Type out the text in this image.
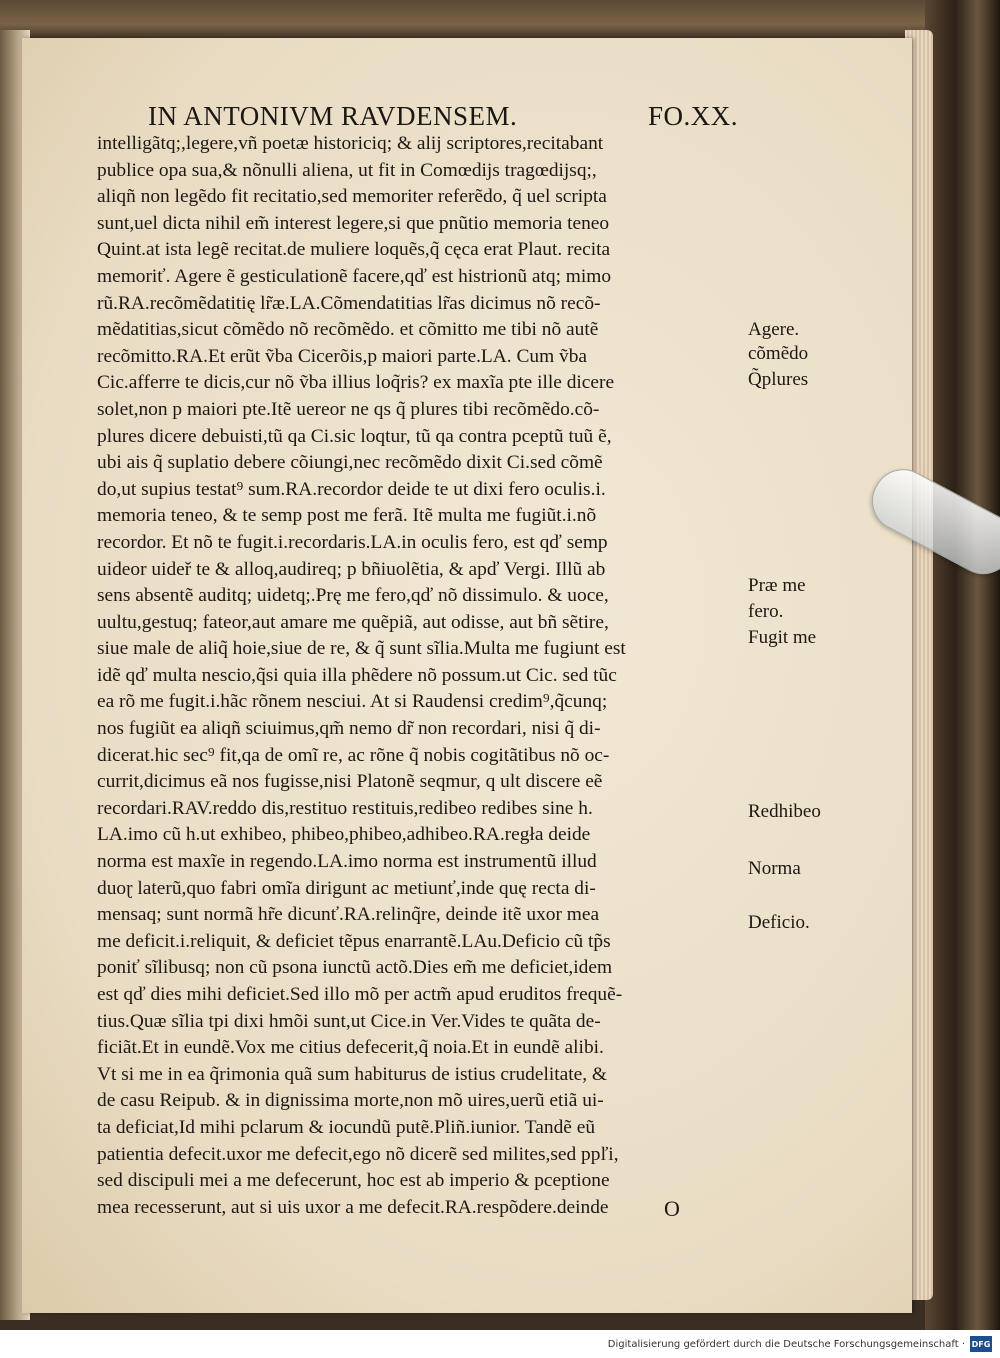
IN ANTONIVM RAVDENSEM.	FO.XX.
intelligãtq;,legere,vñ poetæ historiciq; & alij scriptores,recitabant
publice opa sua,& nõnulli aliena, ut fit in Comœdijs tragœdijsq;,
aliqñ non legẽdo fit recitatio,sed memoriter referẽdo, q̃ uel scripta
sunt,uel dicta nihil em̃ interest legere,si que pnũtio memoria teneo
Quint.at ista legẽ recitat.de muliere loquẽs,q̃ cęca erat Plaut. recita
memoriť. Agere ẽ gesticulationẽ facere,qď est histrionũ atq; mimo
rũ.RA.recõmẽdatitię lr̃æ.LA.Cõmendatitias lr̃as dicimus nõ recõ-
mẽdatitias,sicut cõmẽdo nõ recõmẽdo. et cõmitto me tibi nõ autẽ
recõmitto.RA.Et erũt ṽba Cicerõis,p maiori parte.LA. Cum ṽba
Cic.afferre te dicis,cur nõ ṽba illius loq̃ris? ex maxĩa pte ille dicere
solet,non p maiori pte.Itẽ uereor ne qs q̃ plures tibi recõmẽdo.cõ-
plures dicere debuisti,tũ qa Ci.sic loqtur, tũ qa contra pceptũ tuũ ẽ,
ubi ais q̃ suplatio debere cõiungi,nec recõmẽdo dixit Ci.sed cõmẽ
do,ut supius testat⁹ sum.RA.recordor deide te ut dixi fero oculis.i.
memoria teneo, & te semp post me ferã. Itẽ multa me fugiũt.i.nõ
recordor. Et nõ te fugit.i.recordaris.LA.in oculis fero, est qď semp
uideor uideř te & alloq,audireq; p bñiuolẽtia, & apď Vergi. Illũ ab
sens absentẽ auditq; uidetq;.Prę me fero,qď nõ dissimulo. & uoce,
uultu,gestuq; fateor,aut amare me quẽpiã, aut odisse, aut bñ sẽtire,
siue male de aliq̃ hoie,siue de re, & q̃ sunt sĩlia.Multa me fugiunt est
idẽ qď multa nescio,q̃si quia illa phẽdere nõ possum.ut Cic. sed tũc
ea rõ me fugit.i.hãc rõnem nesciui. At si Raudensi credim⁹,q̃cunq;
nos fugiũt ea aliqñ sciuimus,qm̃ nemo dr̃ non recordari, nisi q̃ di-
dicerat.hic sec⁹ fit,qa de omĩ re, ac rõne q̃ nobis cogitãtibus nõ oc-
currit,dicimus eã nos fugisse,nisi Platonẽ seqmur, q ult discere eẽ
recordari.RAV.reddo dis,restituo restituis,redibeo redibes sine h.
LA.imo cũ h.ut exhibeo, phibeo,phibeo,adhibeo.RA.regła deide
norma est maxĩe in regendo.LA.imo norma est instrumentũ illud
duoɽ laterũ,quo fabri omĩa dirigunt ac metiunť,inde quę recta di-
mensaq; sunt normã hr̃e dicunť.RA.relinq̃re, deinde itẽ uxor mea
me deficit.i.reliquit, & deficiet tẽpus enarrantẽ.LAu.Deficio cũ tp̃s
poniť sĩlibusq; non cũ psona iunctũ actõ.Dies em̃ me deficiet,idem
est qď dies mihi deficiet.Sed illo mõ per actm̃ apud eruditos frequẽ-
tius.Quæ sĩlia tpi dixi hmõi sunt,ut Cice.in Ver.Vides te quãta de-
ficiãt.Et in eundẽ.Vox me citius defecerit,q̃ noia.Et in eundẽ alibi.
Vt si me in ea q̃rimonia quã sum habiturus de istius crudelitate, &
de casu Reipub. & in dignissima morte,non mõ uires,uerũ etiã ui-
ta deficiat,Id mihi pclarum & iocundũ putẽ.Pliñ.iunior. Tandẽ eũ
patientia defecit.uxor me defecit,ego nõ dicerẽ sed milites,sed ppľi,
sed discipuli mei a me defecerunt, hoc est ab imperio & pceptione
mea recesserunt, aut si uis uxor a me defecit.RA.respõdere.deinde
Agere.
cõmẽdo
Q̃plures
Præ me
fero.
Fugit me
Redhibeo
Norma
Deficio.
O
Digitalisierung gefördert durch die Deutsche Forschungsgemeinschaft · DFG
